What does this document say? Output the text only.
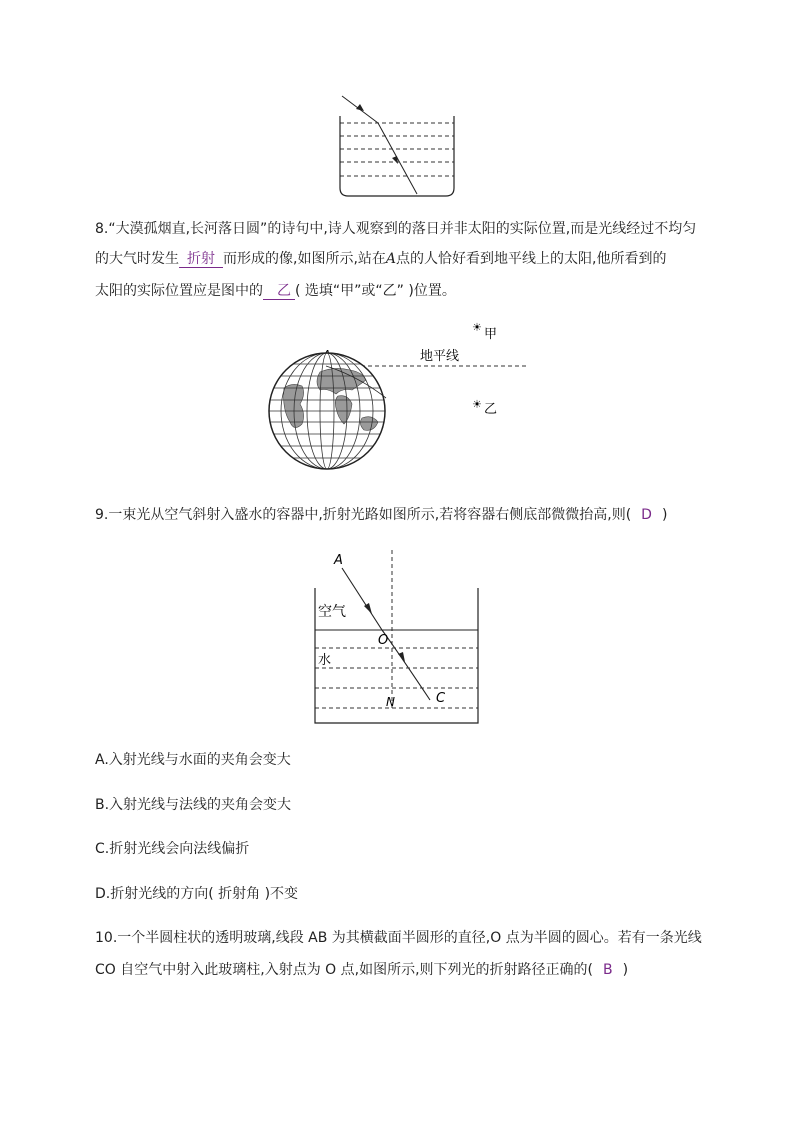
8.“大漠孤烟直,长河落日圆”的诗句中,诗人观察到的落日并非太阳的实际位置,而是光线经过不均匀
的大气时发生 折射 而形成的像,如图所示,站在A点的人恰好看到地平线上的太阳,他所看到的
太阳的实际位置应是图中的 乙 ( 选填“甲”或“乙” )位置。
地平线
☀ 甲
☀ 乙
9.一束光从空气斜射入盛水的容器中,折射光路如图所示,若将容器右侧底部微微抬高,则( D )
A
空气
O
水
N	C
A.入射光线与水面的夹角会变大
B.入射光线与法线的夹角会变大
C.折射光线会向法线偏折
D.折射光线的方向( 折射角 )不变
10.一个半圆柱状的透明玻璃,线段 AB 为其横截面半圆形的直径,O 点为半圆的圆心。若有一条光线
CO 自空气中射入此玻璃柱,入射点为 O 点,如图所示,则下列光的折射路径正确的( B )
